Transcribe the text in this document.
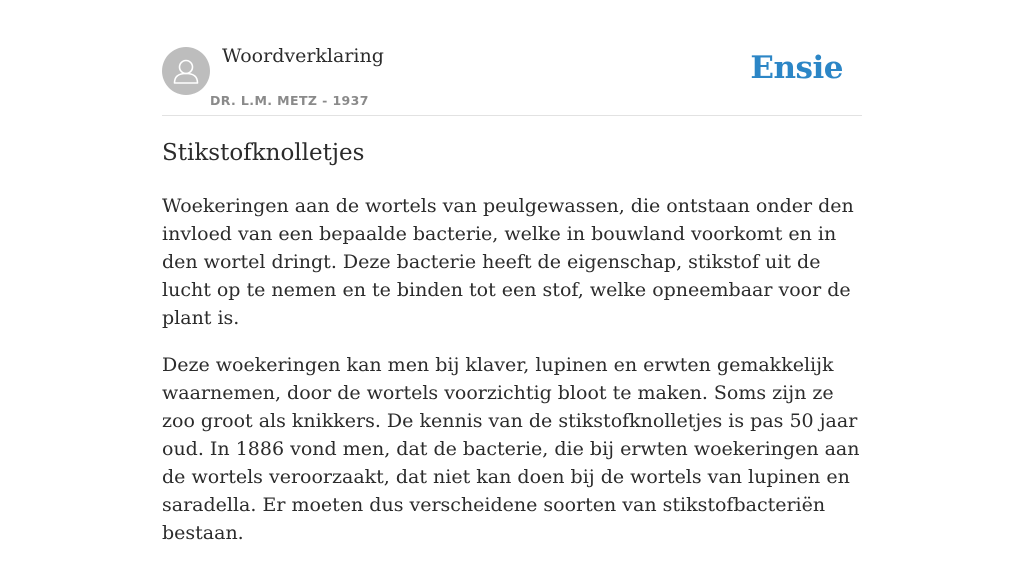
Woordverklaring
DR. L.M. METZ - 1937
Ensie
Stikstofknolletjes

Woekeringen aan de wortels van peulgewassen, die ontstaan onder den invloed van een bepaalde bacterie, welke in bouwland voorkomt en in den wortel dringt. Deze bacterie heeft de eigenschap, stikstof uit de lucht op te nemen en te binden tot een stof, welke opneembaar voor de plant is.

Deze woekeringen kan men bij klaver, lupinen en erwten gemakkelijk waarnemen, door de wortels voorzichtig bloot te maken. Soms zijn ze zoo groot als knikkers. De kennis van de stikstofknolletjes is pas 50 jaar oud. In 1886 vond men, dat de bacterie, die bij erwten woekeringen aan de wortels veroorzaakt, dat niet kan doen bij de wortels van lupinen en saradella. Er moeten dus verscheidene soorten van stikstofbacteriën bestaan.
